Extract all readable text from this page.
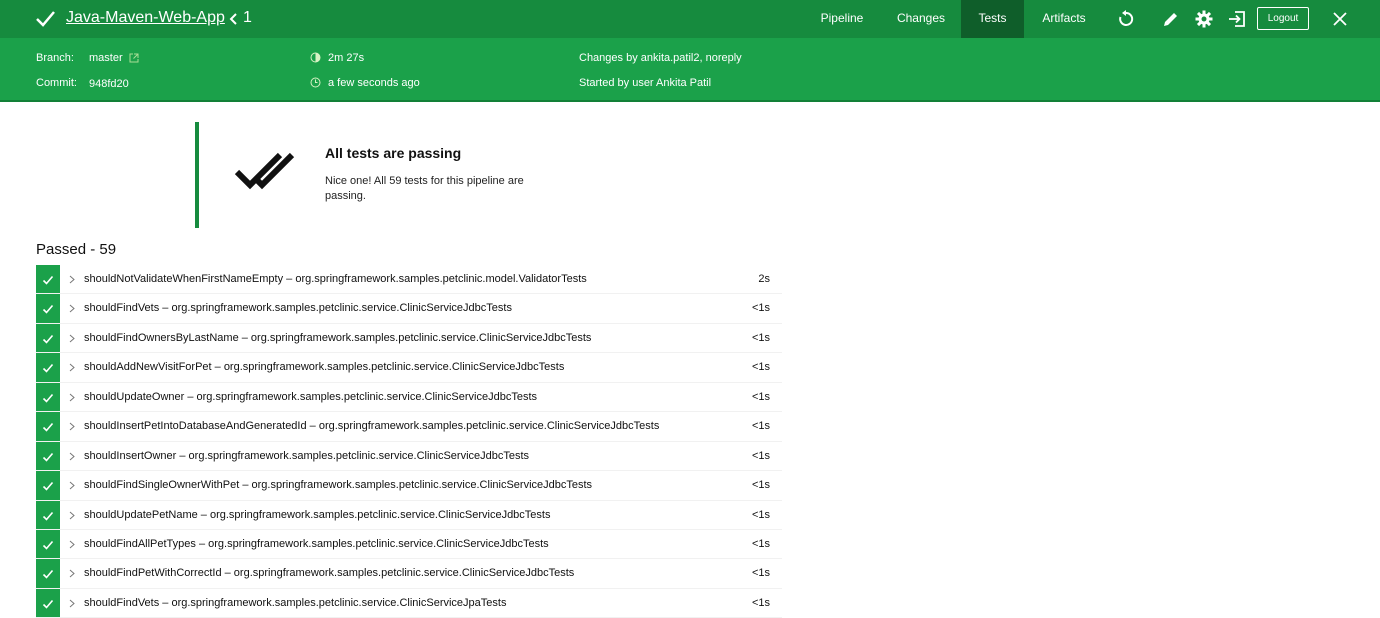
Java-Maven-Web-App 1	Pipeline	Changes	Tests	Artifacts	Logout
Branch: master
Commit: 948fd20
2m 27s
a few seconds ago
Changes by ankita.patil2, noreply
Started by user Ankita Patil
All tests are passing
Nice one! All 59 tests for this pipeline are passing.
Passed - 59
shouldNotValidateWhenFirstNameEmpty – org.springframework.samples.petclinic.model.ValidatorTests	2s
shouldFindVets – org.springframework.samples.petclinic.service.ClinicServiceJdbcTests	<1s
shouldFindOwnersByLastName – org.springframework.samples.petclinic.service.ClinicServiceJdbcTests	<1s
shouldAddNewVisitForPet – org.springframework.samples.petclinic.service.ClinicServiceJdbcTests	<1s
shouldUpdateOwner – org.springframework.samples.petclinic.service.ClinicServiceJdbcTests	<1s
shouldInsertPetIntoDatabaseAndGeneratedId – org.springframework.samples.petclinic.service.ClinicServiceJdbcTests	<1s
shouldInsertOwner – org.springframework.samples.petclinic.service.ClinicServiceJdbcTests	<1s
shouldFindSingleOwnerWithPet – org.springframework.samples.petclinic.service.ClinicServiceJdbcTests	<1s
shouldUpdatePetName – org.springframework.samples.petclinic.service.ClinicServiceJdbcTests	<1s
shouldFindAllPetTypes – org.springframework.samples.petclinic.service.ClinicServiceJdbcTests	<1s
shouldFindPetWithCorrectId – org.springframework.samples.petclinic.service.ClinicServiceJdbcTests	<1s
shouldFindVets – org.springframework.samples.petclinic.service.ClinicServiceJpaTests	<1s
